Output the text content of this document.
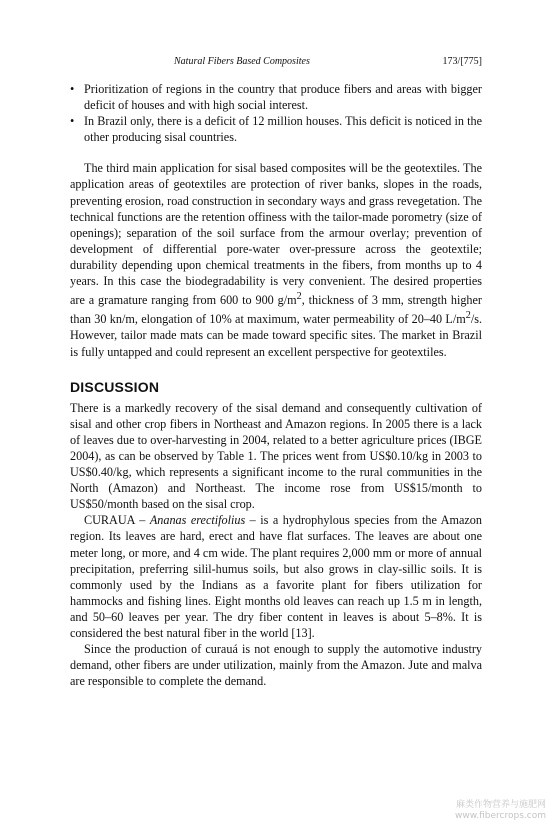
Natural Fibers Based Composites	173/[775]
• Prioritization of regions in the country that produce fibers and areas with bigger deficit of houses and with high social interest.
• In Brazil only, there is a deficit of 12 million houses. This deficit is noticed in the other producing sisal countries.

The third main application for sisal based composites will be the geotextiles. The application areas of geotextiles are protection of river banks, slopes in the roads, preventing erosion, road construction in secondary ways and grass revegetation. The technical functions are the retention offiness with the tailor-made porometry (size of openings); separation of the soil surface from the armour overlay; prevention of development of differential pore-water over-pressure across the geotextile; durability depending upon chemical treatments in the fibers, from months up to 4 years. In this case the biodegradability is very convenient. The desired properties are a gramature ranging from 600 to 900 $g/m^2$, thickness of 3 mm, strength higher than 30 kn/m, elongation of 10% at maximum, water permeability of 20–40 $L/m^2/s$. However, tailor made mats can be made toward specific sites. The market in Brazil is fully untapped and could represent an excellent perspective for geotextiles.

DISCUSSION

There is a markedly recovery of the sisal demand and consequently cultivation of sisal and other crop fibers in Northeast and Amazon regions. In 2005 there is a lack of leaves due to over-harvesting in 2004, related to a better agriculture prices (IBGE 2004), as can be observed by Table 1. The prices went from US$0.10/kg in 2003 to US$0.40/kg, which represents a significant income to the rural communities in the North (Amazon) and Northeast. The income rose from US$15/month to US$50/month based on the sisal crop.

CURAUA – Ananas erectifolius – is a hydrophylous species from the Amazon region. Its leaves are hard, erect and have flat surfaces. The leaves are about one meter long, or more, and 4 cm wide. The plant requires 2,000 mm or more of annual precipitation, preferring silil-humus soils, but also grows in clay-sillic soils. It is commonly used by the Indians as a favorite plant for fibers utilization for hammocks and fishing lines. Eight months old leaves can reach up 1.5 m in length, and 50–60 leaves per year. The dry fiber content in leaves is about 5–8%. It is considered the best natural fiber in the world [13].

Since the production of curauá is not enough to supply the automotive industry demand, other fibers are under utilization, mainly from the Amazon. Jute and malva are responsible to complete the demand.

麻类作物营养与施肥网
www.fibercrops.com
